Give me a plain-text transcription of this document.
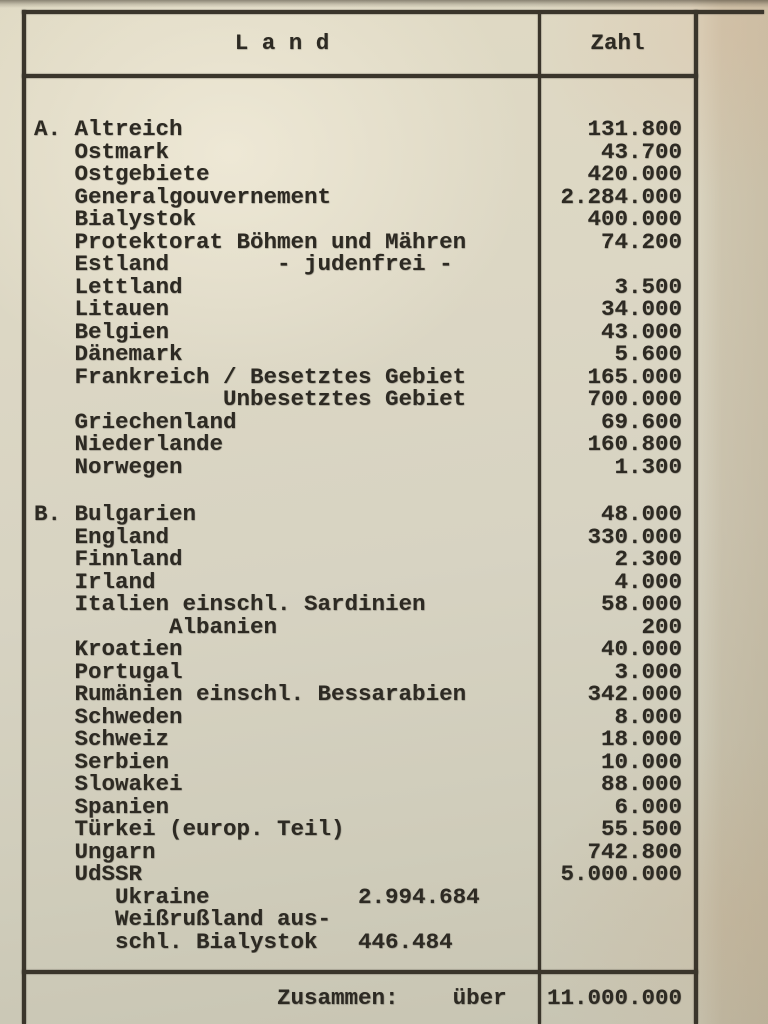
L a n d	Zahl
A. Altreich	131.800
Ostmark	43.700
Ostgebiete	420.000
Generalgouvernement	2.284.000
Bialystok	400.000
Protektorat Böhmen und Mähren	74.200
Estland        - judenfrei -
Lettland	3.500
Litauen	34.000
Belgien	43.000
Dänemark	5.600
Frankreich / Besetztes Gebiet	165.000
Unbesetztes Gebiet	700.000
Griechenland	69.600
Niederlande	160.800
Norwegen	1.300
B. Bulgarien	48.000
England	330.000
Finnland	2.300
Irland	4.000
Italien einschl. Sardinien	58.000
Albanien	200
Kroatien	40.000
Portugal	3.000
Rumänien einschl. Bessarabien	342.000
Schweden	8.000
Schweiz	18.000
Serbien	10.000
Slowakei	88.000
Spanien	6.000
Türkei (europ. Teil)	55.500
Ungarn	742.800
UdSSR	5.000.000
Ukraine           2.994.684
Weißrußland aus-
schl. Bialystok   446.484
Zusammen:    über	11.000.000
